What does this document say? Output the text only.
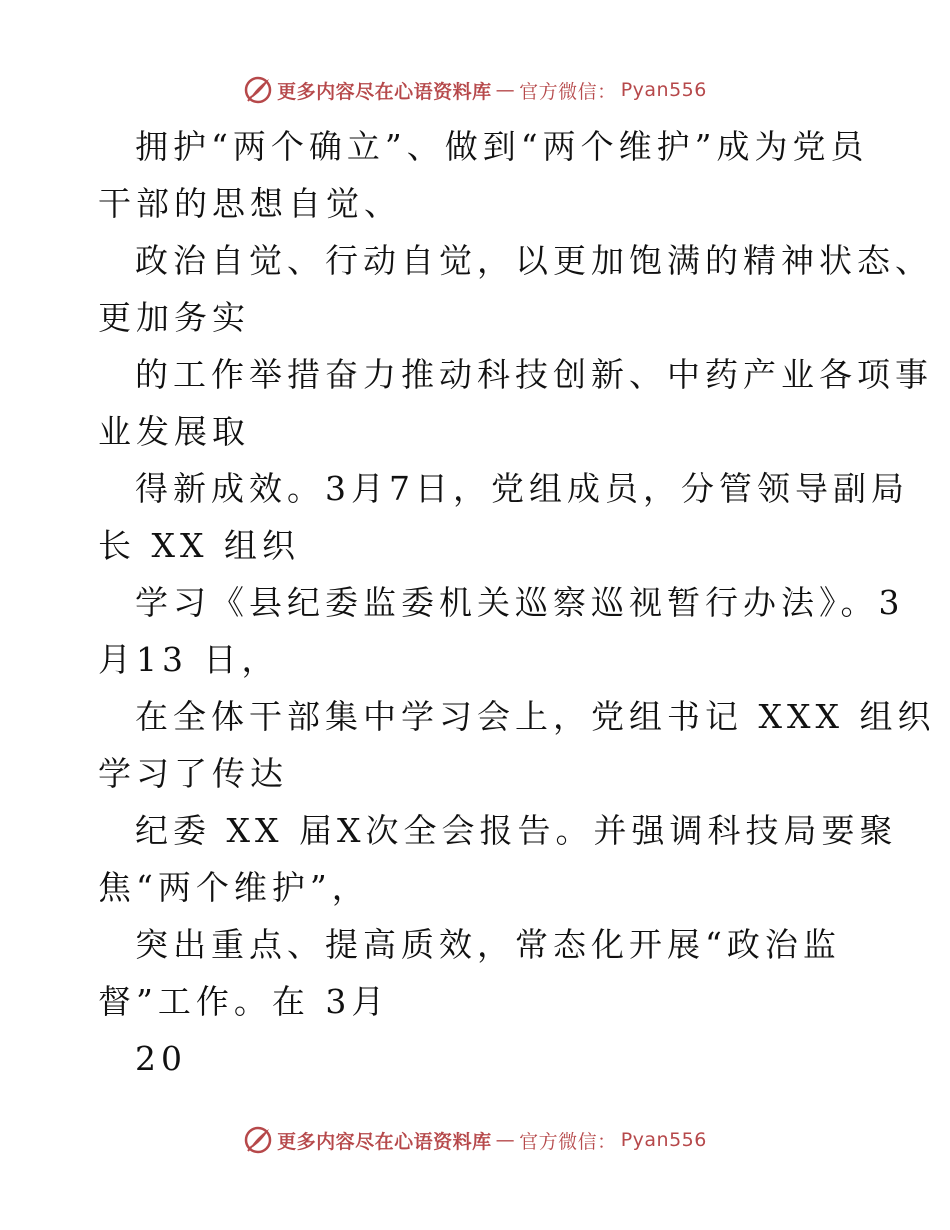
更多内容尽在心语资料库 — 官方微信： Pyan556
拥护“两个确立”、做到“两个维护”成为党员
干部的思想自觉、
政治自觉、行动自觉，以更加饱满的精神状态、
更加务实
的工作举措奋力推动科技创新、中药产业各项事
业发展取
得新成效。3月7日，党组成员，分管领导副局
长 XX 组织
学习《县纪委监委机关巡察巡视暂行办法》。3
月13 日，
在全体干部集中学习会上，党组书记 XXX 组织
学习了传达
纪委 XX 届X次全会报告。并强调科技局要聚
焦“两个维护”，
突出重点、提高质效，常态化开展“政治监
督”工作。在 3月
20
更多内容尽在心语资料库 — 官方微信： Pyan556
